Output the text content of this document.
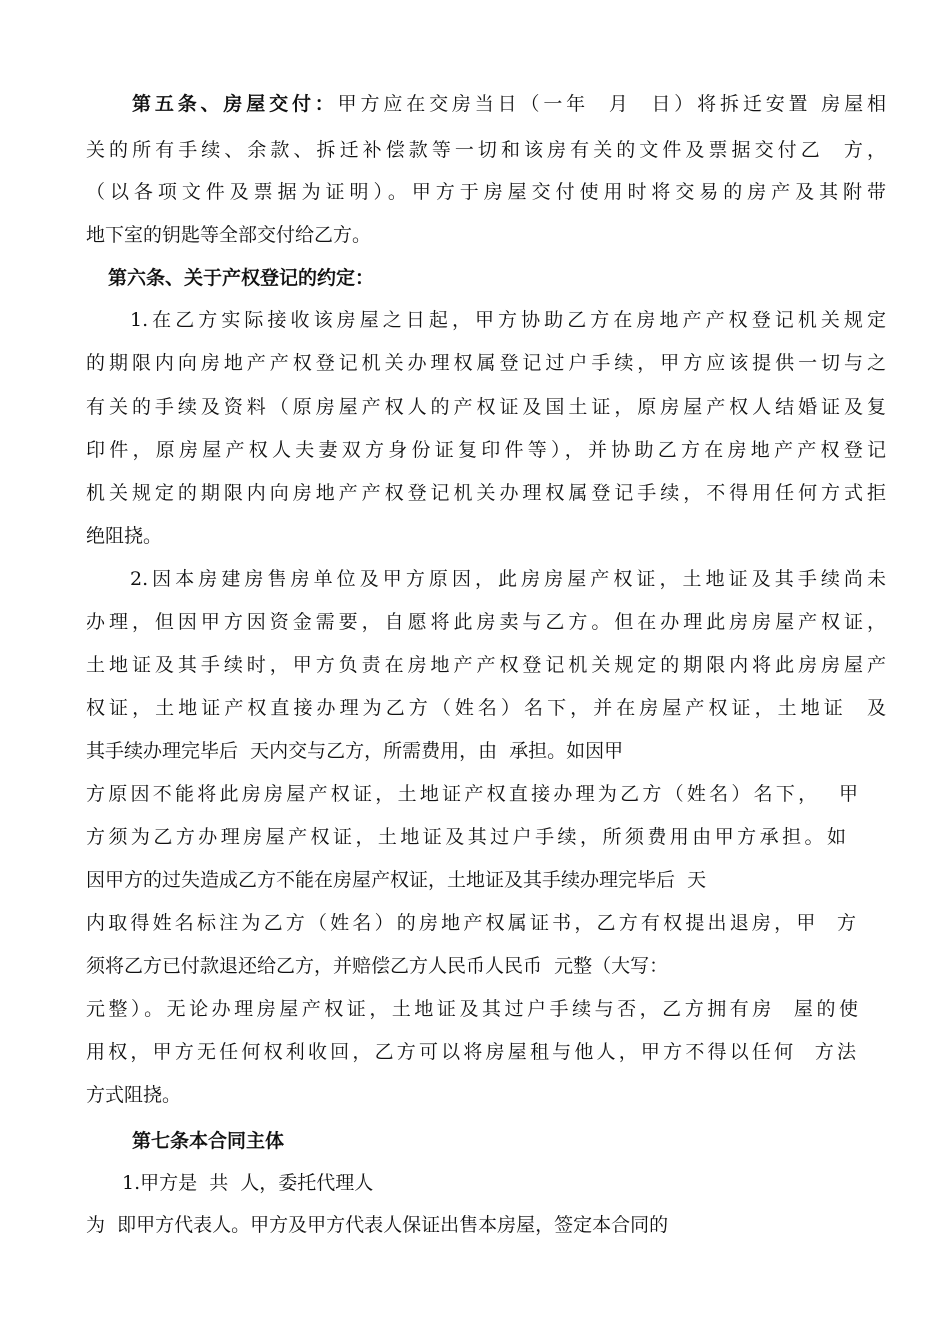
第五条、房屋交付：甲方应在交房当日（一年  月  日）将拆迁安置 房屋相
关的所有手续、余款、拆迁补偿款等一切和该房有关的文件及票据交付乙  方，
（以各项文件及票据为证明）。甲方于房屋交付使用时将交易的房产及其附带
地下室的钥匙等全部交付给乙方。
第六条、关于产权登记的约定：
1.在乙方实际接收该房屋之日起，甲方协助乙方在房地产产权登记机关规定
的期限内向房地产产权登记机关办理权属登记过户手续，甲方应该提供一切与之
有关的手续及资料（原房屋产权人的产权证及国土证，原房屋产权人结婚证及复
印件，原房屋产权人夫妻双方身份证复印件等），并协助乙方在房地产产权登记
机关规定的期限内向房地产产权登记机关办理权属登记手续，不得用任何方式拒
绝阻挠。
2.因本房建房售房单位及甲方原因，此房房屋产权证，土地证及其手续尚未
办理，但因甲方因资金需要，自愿将此房卖与乙方。但在办理此房房屋产权证，
土地证及其手续时，甲方负责在房地产产权登记机关规定的期限内将此房房屋产
权证，土地证产权直接办理为乙方（姓名）名下，并在房屋产权证，土地证  及
其手续办理完毕后  天内交与乙方，所需费用，由  承担。如因甲
方原因不能将此房房屋产权证，土地证产权直接办理为乙方（姓名）名下，  甲
方须为乙方办理房屋产权证，土地证及其过户手续，所须费用由甲方承担。如
因甲方的过失造成乙方不能在房屋产权证，土地证及其手续办理完毕后  天
内取得姓名标注为乙方（姓名）的房地产权属证书，乙方有权提出退房，甲  方
须将乙方已付款退还给乙方，并赔偿乙方人民币人民币  元整（大写：
元整）。无论办理房屋产权证，土地证及其过户手续与否，乙方拥有房  屋的使
用权，甲方无任何权利收回，乙方可以将房屋租与他人，甲方不得以任何  方法
方式阻挠。
第七条本合同主体
1.甲方是  共  人，委托代理人
为  即甲方代表人。甲方及甲方代表人保证出售本房屋，签定本合同的
